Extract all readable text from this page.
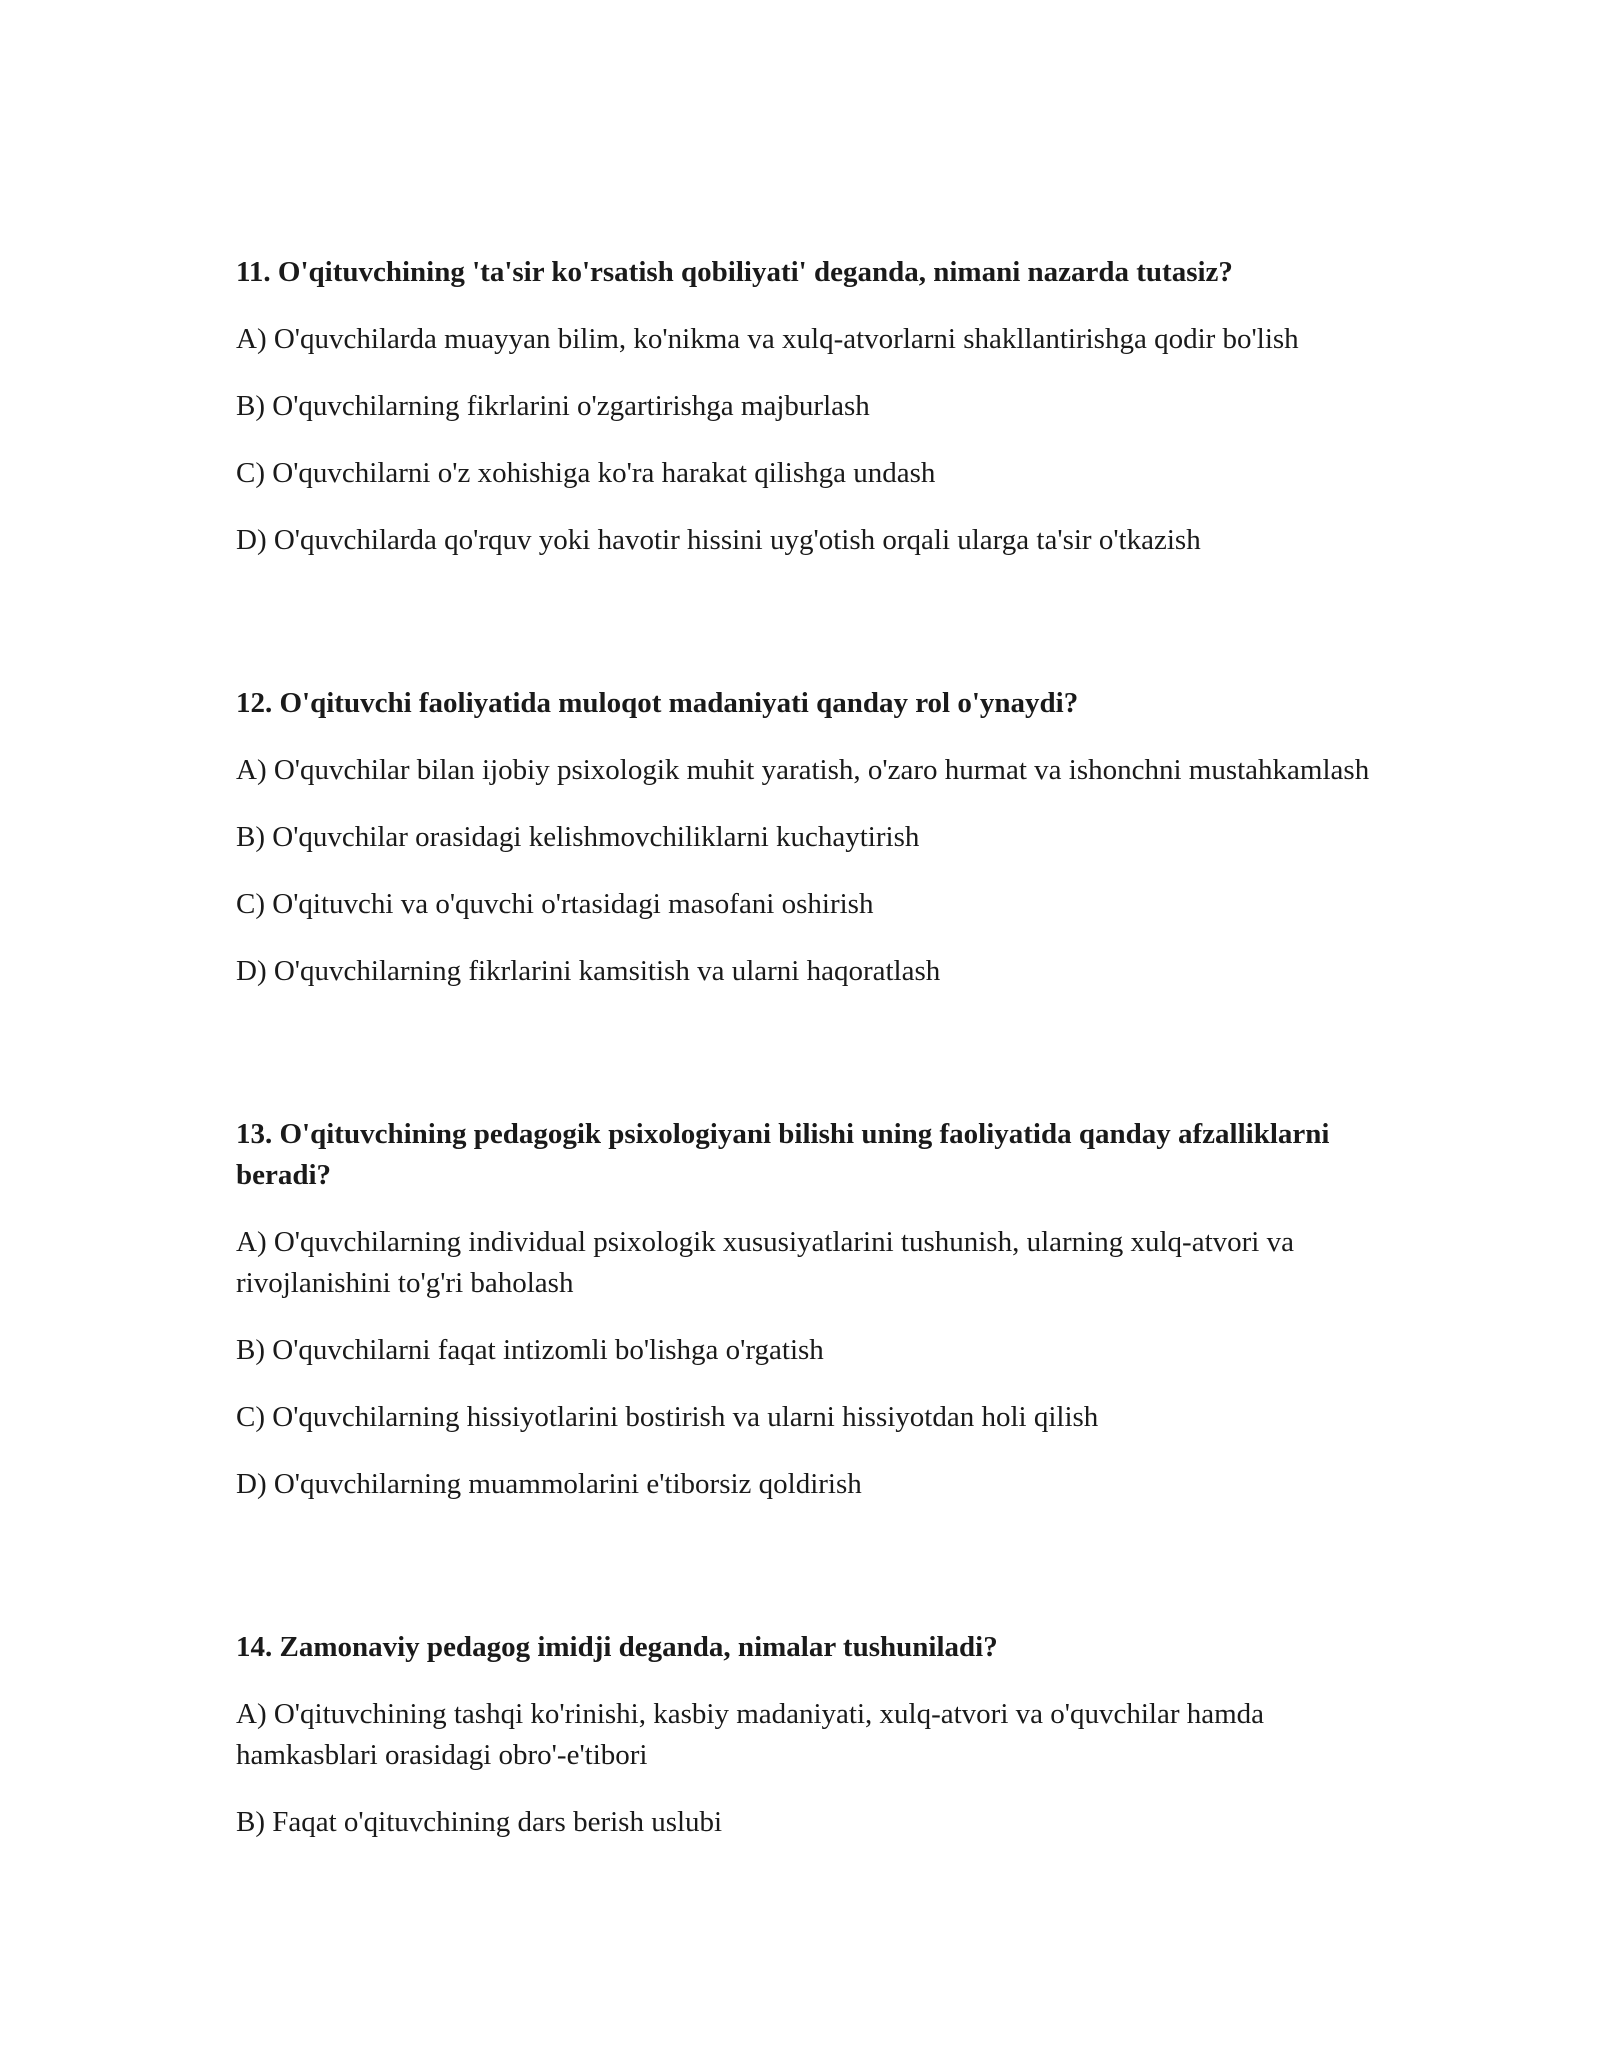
11. O'qituvchining 'ta'sir ko'rsatish qobiliyati' deganda, nimani nazarda tutasiz?

A) O'quvchilarda muayyan bilim, ko'nikma va xulq-atvorlarni shakllantirishga qodir bo'lish

B) O'quvchilarning fikrlarini o'zgartirishga majburlash

C) O'quvchilarni o'z xohishiga ko'ra harakat qilishga undash

D) O'quvchilarda qo'rquv yoki havotir hissini uyg'otish orqali ularga ta'sir o'tkazish

12. O'qituvchi faoliyatida muloqot madaniyati qanday rol o'ynaydi?

A) O'quvchilar bilan ijobiy psixologik muhit yaratish, o'zaro hurmat va ishonchni mustahkamlash

B) O'quvchilar orasidagi kelishmovchiliklarni kuchaytirish

C) O'qituvchi va o'quvchi o'rtasidagi masofani oshirish

D) O'quvchilarning fikrlarini kamsitish va ularni haqoratlash

13. O'qituvchining pedagogik psixologiyani bilishi uning faoliyatida qanday afzalliklarni beradi?

A) O'quvchilarning individual psixologik xususiyatlarini tushunish, ularning xulq-atvori va rivojlanishini to'g'ri baholash

B) O'quvchilarni faqat intizomli bo'lishga o'rgatish

C) O'quvchilarning hissiyotlarini bostirish va ularni hissiyotdan holi qilish

D) O'quvchilarning muammolarini e'tiborsiz qoldirish

14. Zamonaviy pedagog imidji deganda, nimalar tushuniladi?

A) O'qituvchining tashqi ko'rinishi, kasbiy madaniyati, xulq-atvori va o'quvchilar hamda hamkasblari orasidagi obro'-e'tibori

B) Faqat o'qituvchining dars berish uslubi
